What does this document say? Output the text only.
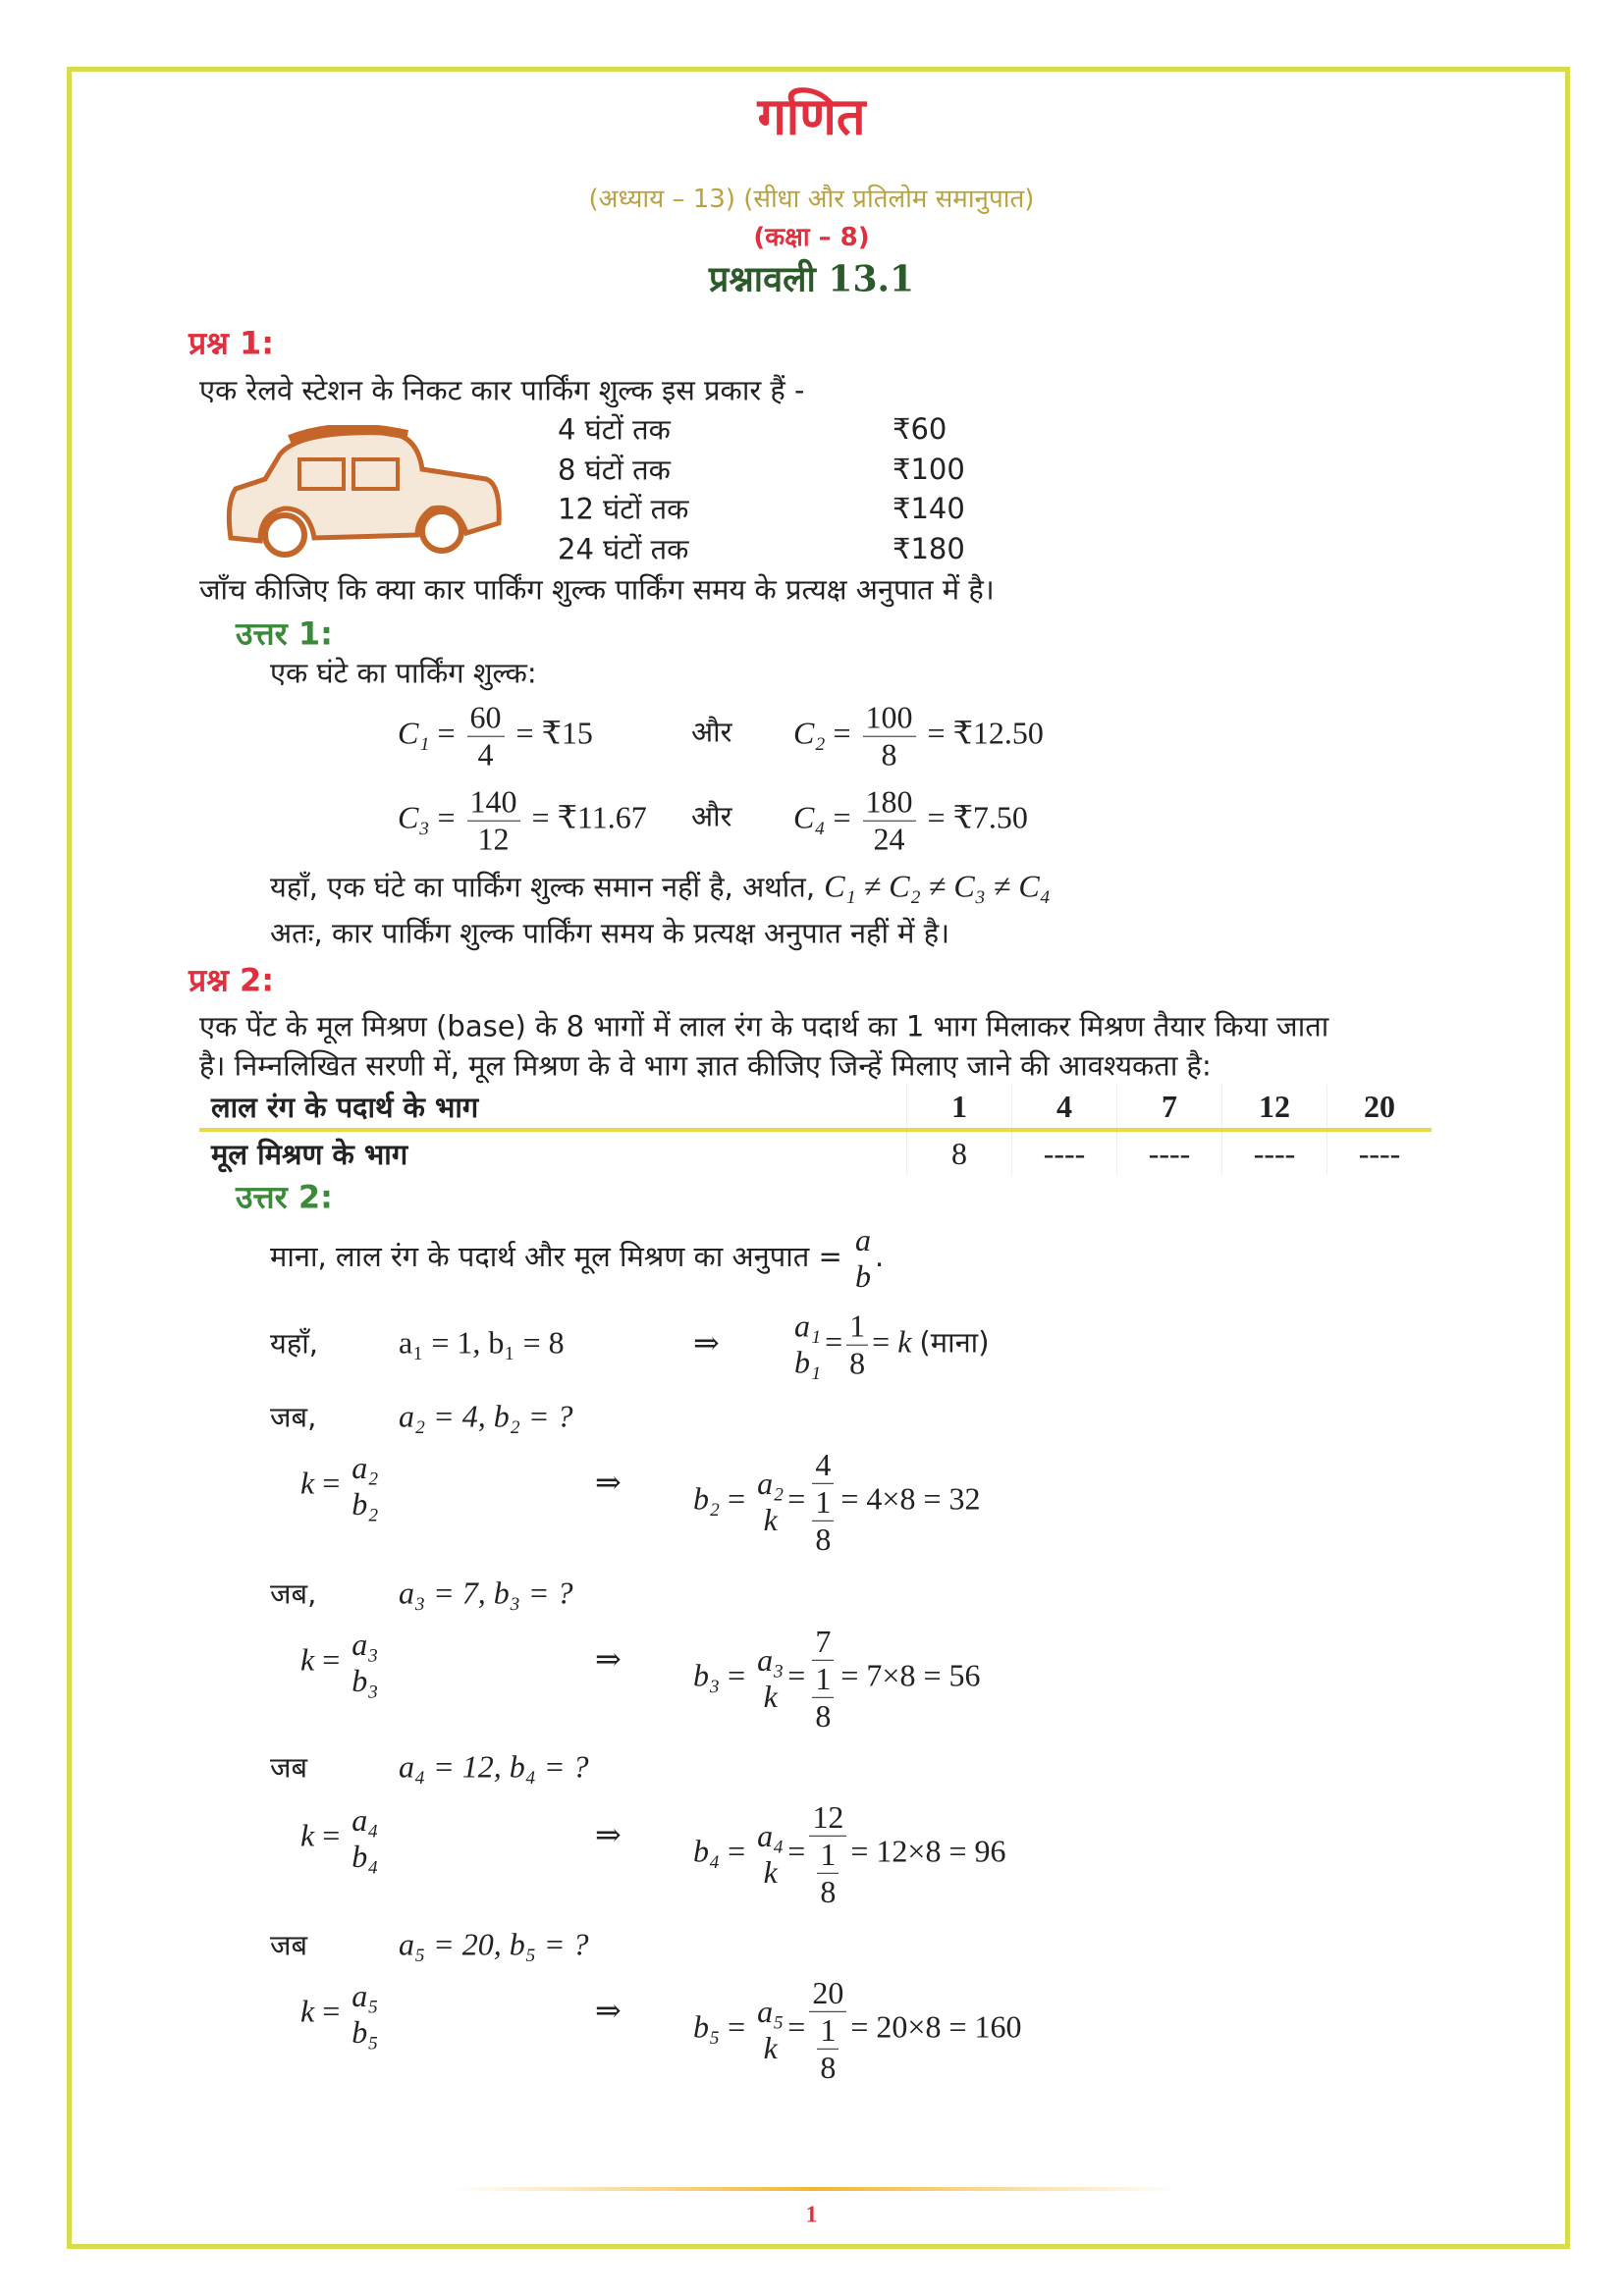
गणित
(अध्याय – 13) (सीधा और प्रतिलोम समानुपात)
(कक्षा – 8)
प्रश्नावली 13.1
प्रश्न 1:
एक रेलवे स्टेशन के निकट कार पार्किंग शुल्क इस प्रकार हैं -
4 घंटों तक	₹60
8 घंटों तक	₹100
12 घंटों तक	₹140
24 घंटों तक	₹180
जाँच कीजिए कि क्या कार पार्किंग शुल्क पार्किंग समय के प्रत्यक्ष अनुपात में है।
उत्तर 1:
एक घंटे का पार्किंग शुल्क:
$C_1 = \frac{60}{4}$ = ₹15	और $C_2 = \frac{100}{8}$ = ₹12.50
$C_3 = \frac{140}{12}$ = ₹11.67 और $C_4 = \frac{180}{24}$ = ₹7.50
यहाँ, एक घंटे का पार्किंग शुल्क समान नहीं है, अर्थात, C₁ ≠ C₂ ≠ C₃ ≠ C₄
अतः, कार पार्किंग शुल्क पार्किंग समय के प्रत्यक्ष अनुपात नहीं में है।
प्रश्न 2:
एक पेंट के मूल मिश्रण (base) के 8 भागों में लाल रंग के पदार्थ का 1 भाग मिलाकर मिश्रण तैयार किया जाता
है। निम्नलिखित सरणी में, मूल मिश्रण के वे भाग ज्ञात कीजिए जिन्हें मिलाए जाने की आवश्यकता है:
लाल रंग के पदार्थ के भाग	1	4	7	12	20
मूल मिश्रण के भाग	8	----	----	----	----
उत्तर 2:
माना, लाल रंग के पदार्थ और मूल मिश्रण का अनुपात = a
b
.
यहाँ,	a₁ = 1, b₁ = 8	⇒ a₁
b₁
= $\frac{1}{8} = k$ (माना)
जब,	a₂ = 4, b₂ = ?
k = a₂
b₂
⇒ b₂ = a₂
k
= $\frac{4}{\frac{1}{8}} = 4\times 8 = 32$
जब,	a₃ = 7, b₃ = ?
k = a₃
b₃
⇒ b₃ = a₃
k
= $\frac{7}{\frac{1}{8}} = 7\times 8 = 56$
जब	a₄ = 12, b₄ = ?
k = a₄
b₄
⇒ b₄ = a₄
k
= $\frac{12}{\frac{1}{8}} = 12\times 8 = 96$
जब	a₅ = 20, b₅ = ?
k = a₅
b₅
⇒ b₅ = a₅
k
= $\frac{20}{\frac{1}{8}} = 20\times 8 = 160$
1
